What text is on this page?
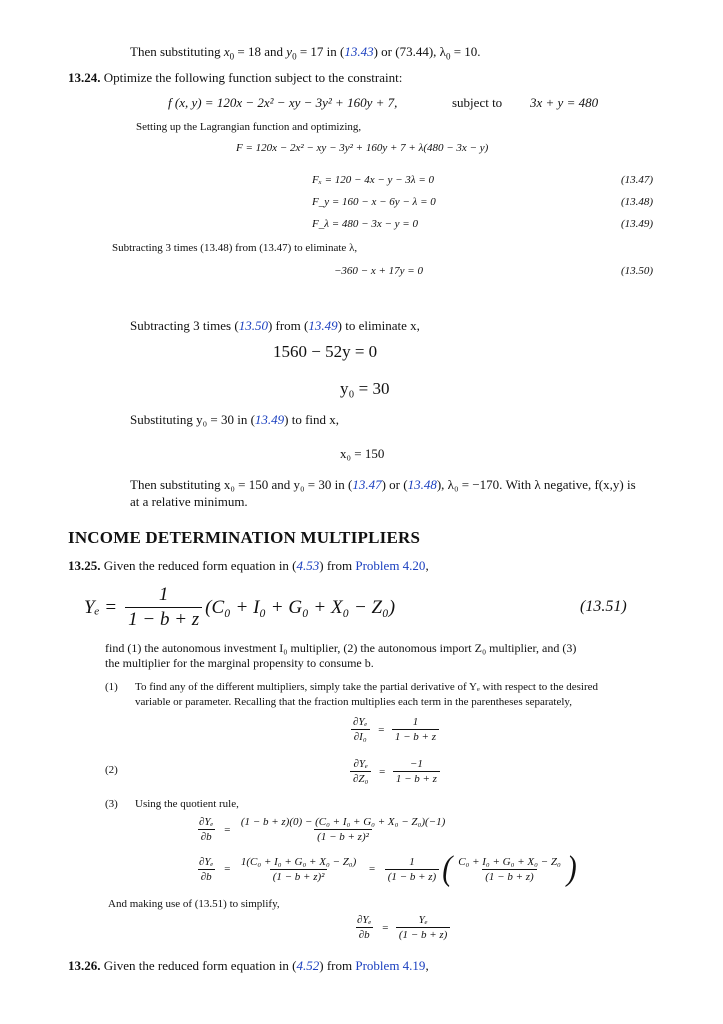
Then substituting $x_0 = 18$ and $y_0 = 17$ in (13.43) or (73.44), $\lambda_0 = 10$.
13.24. Optimize the following function subject to the constraint:
f (x, y) = 120x − 2x² − xy − 3y² + 160y + 7,	subject to 3x + y = 480
Setting up the Lagrangian function and optimizing,
F = 120x − 2x² − xy − 3y² + 160y + 7 + λ(480 − 3x − y)
Fₓ = 120 − 4x − y − 3λ = 0	(13.47)
F_y = 160 − x − 6y − λ = 0	(13.48)
F_λ = 480 − 3x − y = 0	(13.49)
Subtracting 3 times (13.48) from (13.47) to eliminate λ,
−360 − x + 17y = 0	(13.50)
Subtracting 3 times (13.50) from (13.49) to eliminate x,
1560 − 52y = 0
y₀ = 30
Substituting y₀ = 30 in (13.49) to find x,
x₀ = 150
Then substituting x₀ = 150 and y₀ = 30 in (13.47) or (13.48), λ₀ = −170. With λ negative, f(x,y) is
at a relative minimum.
INCOME DETERMINATION MULTIPLIERS
13.25. Given the reduced form equation in (4.53) from Problem 4.20,
$Y_e = \frac{1}{1 - b + z} (C_0 + I_0 + G_0 + X_0 - Z_0)$	(13.51)
find (1) the autonomous investment I₀ multiplier, (2) the autonomous import Z₀ multiplier, and (3)
the multiplier for the marginal propensity to consume b.
(1) To find any of the different multipliers, simply take the partial derivative of Yₑ with respect to the desired
variable or parameter. Recalling that the fraction multiplies each term in the parentheses separately,
$\frac{\text{∂Yₑ}}{\text{∂I₀}} = \frac{1}{1 - b + z}$
(2)	$\frac{\text{∂Yₑ}}{\text{∂Z₀}} = \frac{-1}{1 - b + z}$
(3) Using the quotient rule,
$\frac{\text{∂Yₑ}}{\partial b} = \frac{\text{(1 − b + z)(0) − (C₀ + I₀ + G₀ + X₀ − Z₀)(−1)}}{\text{(1 − b + z)²}}$
$\frac{\text{∂Yₑ}}{\partial b} = \frac{\text{1(C₀ + I₀ + G₀ + X₀ − Z₀)}}{\text{(1 − b + z)²}} = \frac{1}{(1 - b + z)}$ ( $\frac{\text{C₀ + I₀ + G₀ + X₀ − Z₀}}{(1 - b + z)}$ )
And making use of (13.51) to simplify,
$\frac{\text{∂Yₑ}}{\partial b} = \frac{\text{Yₑ}}{(1 - b + z)}$
13.26. Given the reduced form equation in (4.52) from Problem 4.19,
